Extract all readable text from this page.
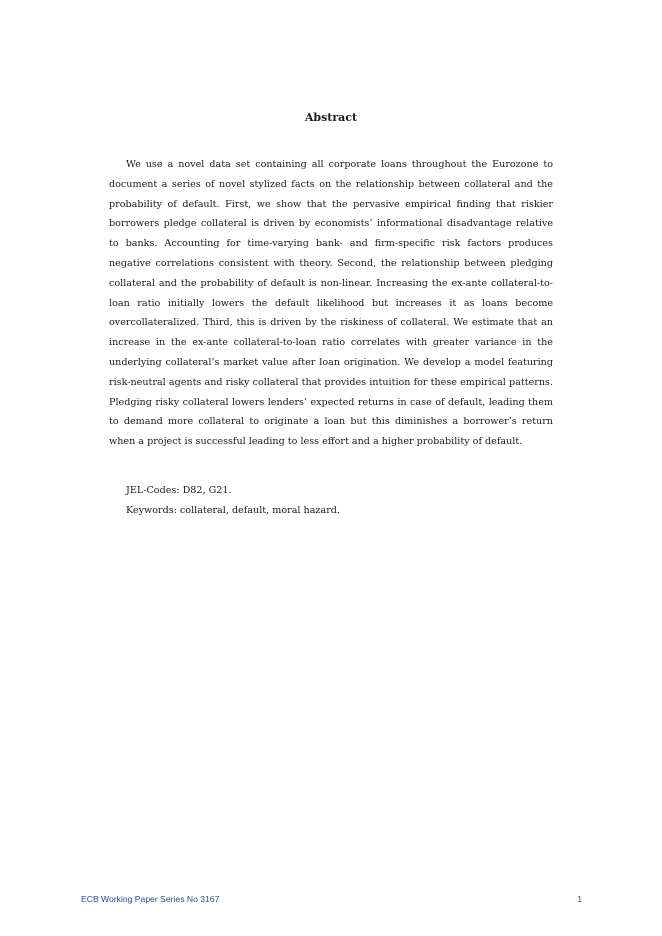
Abstract

We use a novel data set containing all corporate loans throughout the Eurozone to document a series of novel stylized facts on the relationship between collateral and the probability of default. First, we show that the pervasive empirical finding that riskier borrowers pledge collateral is driven by economists’ informational disadvantage relative to banks. Accounting for time-varying bank- and firm-specific risk factors produces negative correlations consistent with theory. Second, the relationship between pledging collateral and the probability of default is non-linear. Increasing the ex-ante collateral-to-loan ratio initially lowers the default likelihood but increases it as loans become overcollateralized. Third, this is driven by the riskiness of collateral. We estimate that an increase in the ex-ante collateral-to-loan ratio correlates with greater variance in the underlying collateral’s market value after loan origination. We develop a model featuring risk-neutral agents and risky collateral that provides intuition for these empirical patterns. Pledging risky collateral lowers lenders’ expected returns in case of default, leading them to demand more collateral to originate a loan but this diminishes a borrower’s return when a project is successful leading to less effort and a higher probability of default.

JEL-Codes: D82, G21.
Keywords: collateral, default, moral hazard.
ECB Working Paper Series No 3167	1
